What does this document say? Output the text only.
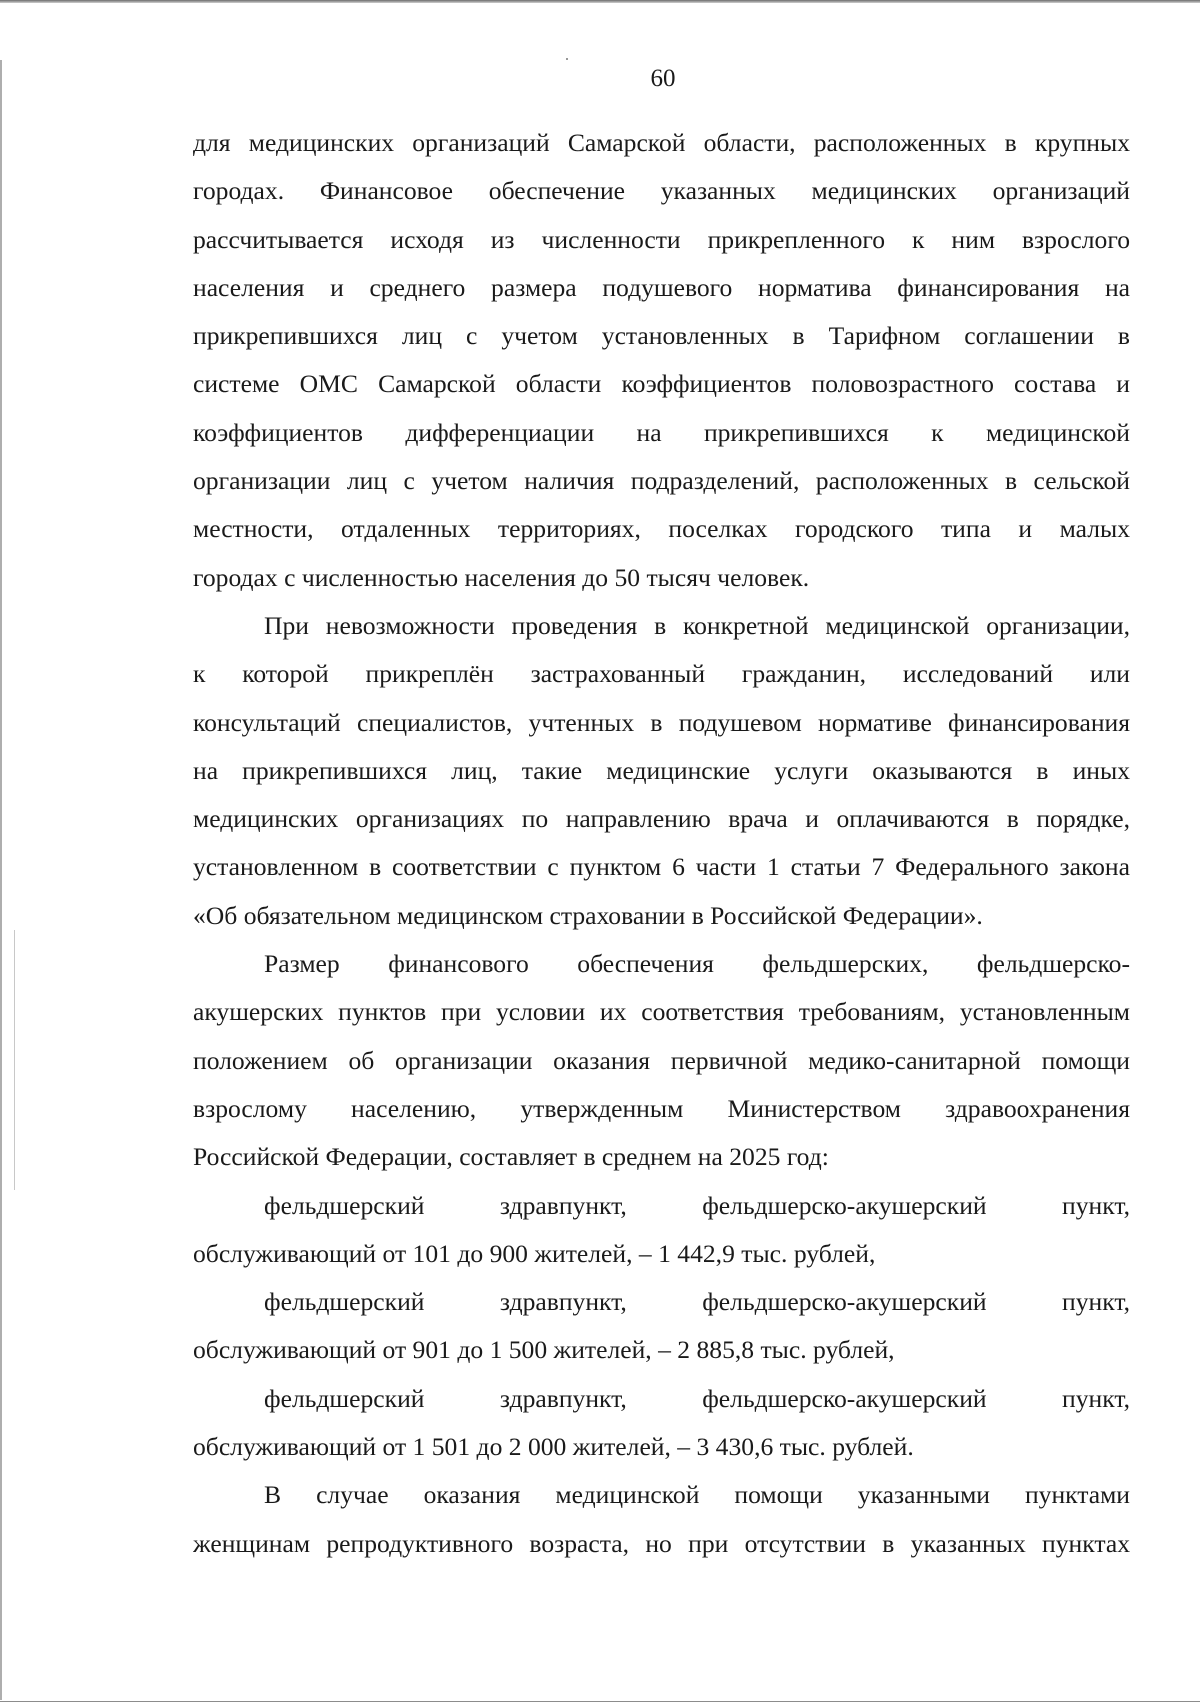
60
для медицинских организаций Самарской области, расположенных в крупных
городах. Финансовое обеспечение указанных медицинских организаций
рассчитывается исходя из численности прикрепленного к ним взрослого
населения и среднего размера подушевого норматива финансирования на
прикрепившихся лиц с учетом установленных в Тарифном соглашении в
системе ОМС Самарской области коэффициентов половозрастного состава и
коэффициентов дифференциации на прикрепившихся к медицинской
организации лиц с учетом наличия подразделений, расположенных в сельской
местности, отдаленных территориях, поселках городского типа и малых
городах с численностью населения до 50 тысяч человек.
При невозможности проведения в конкретной медицинской организации,
к которой прикреплён застрахованный гражданин, исследований или
консультаций специалистов, учтенных в подушевом нормативе финансирования
на прикрепившихся лиц, такие медицинские услуги оказываются в иных
медицинских организациях по направлению врача и оплачиваются в порядке,
установленном в соответствии с пунктом 6 части 1 статьи 7 Федерального закона
«Об обязательном медицинском страховании в Российской Федерации».
Размер финансового обеспечения фельдшерских, фельдшерско-
акушерских пунктов при условии их соответствия требованиям, установленным
положением об организации оказания первичной медико-санитарной помощи
взрослому населению, утвержденным Министерством здравоохранения
Российской Федерации, составляет в среднем на 2025 год:
фельдшерский здравпункт, фельдшерско-акушерский пункт,
обслуживающий от 101 до 900 жителей, – 1 442,9 тыс. рублей,
фельдшерский здравпункт, фельдшерско-акушерский пункт,
обслуживающий от 901 до 1 500 жителей, – 2 885,8 тыс. рублей,
фельдшерский здравпункт, фельдшерско-акушерский пункт,
обслуживающий от 1 501 до 2 000 жителей, – 3 430,6 тыс. рублей.
В случае оказания медицинской помощи указанными пунктами
женщинам репродуктивного возраста, но при отсутствии в указанных пунктах
